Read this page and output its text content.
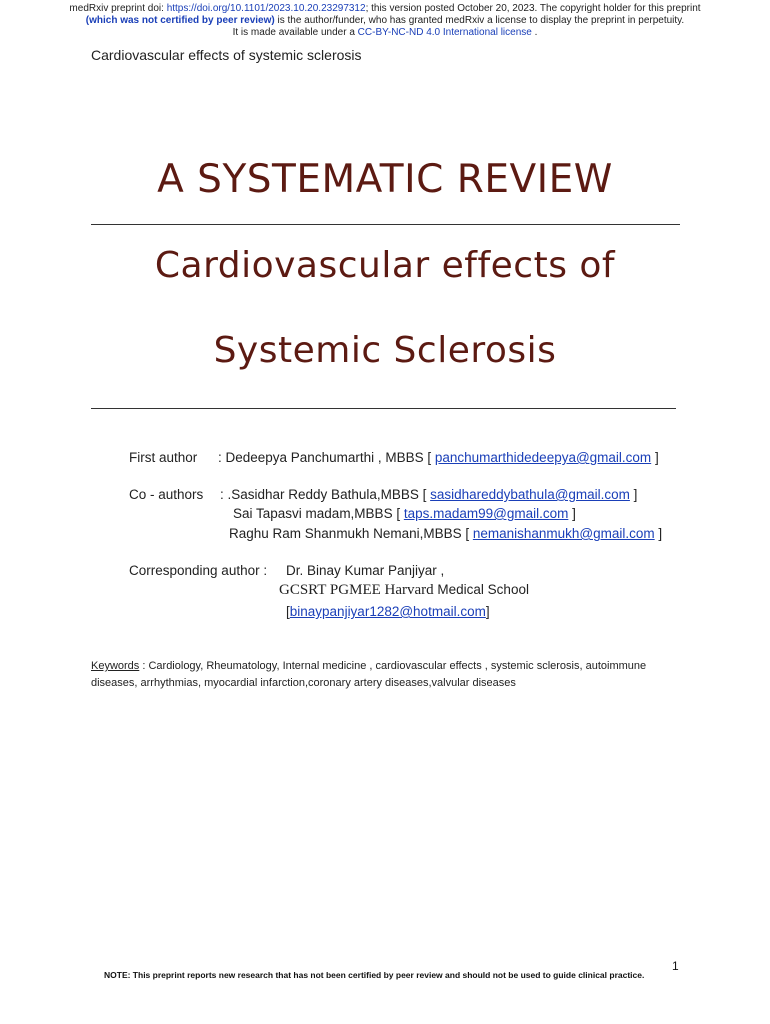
medRxiv preprint doi: https://doi.org/10.1101/2023.10.20.23297312; this version posted October 20, 2023. The copyright holder for this preprint
(which was not certified by peer review) is the author/funder, who has granted medRxiv a license to display the preprint in perpetuity.
It is made available under a CC-BY-NC-ND 4.0 International license .
Cardiovascular effects of systemic sclerosis
A SYSTEMATIC REVIEW
Cardiovascular effects of
Systemic Sclerosis
First author : Dedeepya Panchumarthi , MBBS [ panchumarthidedeepya@gmail.com ]
Co - authors : .Sasidhar Reddy Bathula,MBBS [ sasidhareddybathula@gmail.com ]
Sai Tapasvi madam,MBBS [ taps.madam99@gmail.com ]
Raghu Ram Shanmukh Nemani,MBBS [ nemanishanmukh@gmail.com ]
Corresponding author : Dr. Binay Kumar Panjiyar ,
GCSRT PGMEE Harvard Medical School
[binaypanjiyar1282@hotmail.com]
Keywords : Cardiology, Rheumatology, Internal medicine , cardiovascular effects , systemic sclerosis, autoimmune diseases, arrhythmias, myocardial infarction,coronary artery diseases,valvular diseases
NOTE: This preprint reports new research that has not been certified by peer review and should not be used to guide clinical practice.
1
